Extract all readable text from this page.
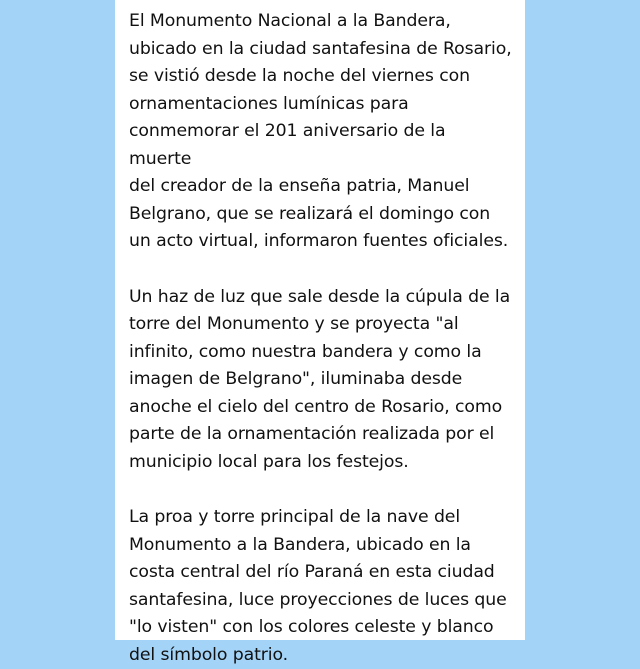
El Monumento Nacional a la Bandera,
ubicado en la ciudad santafesina de Rosario,
se vistió desde la noche del viernes con
ornamentaciones lumínicas para
conmemorar el 201 aniversario de la muerte
del creador de la enseña patria, Manuel
Belgrano, que se realizará el domingo con
un acto virtual, informaron fuentes oficiales.

Un haz de luz que sale desde la cúpula de la
torre del Monumento y se proyecta "al
infinito, como nuestra bandera y como la
imagen de Belgrano", iluminaba desde
anoche el cielo del centro de Rosario, como
parte de la ornamentación realizada por el
municipio local para los festejos.

La proa y torre principal de la nave del
Monumento a la Bandera, ubicado en la
costa central del río Paraná en esta ciudad
santafesina, luce proyecciones de luces que
"lo visten" con los colores celeste y blanco
del símbolo patrio.
